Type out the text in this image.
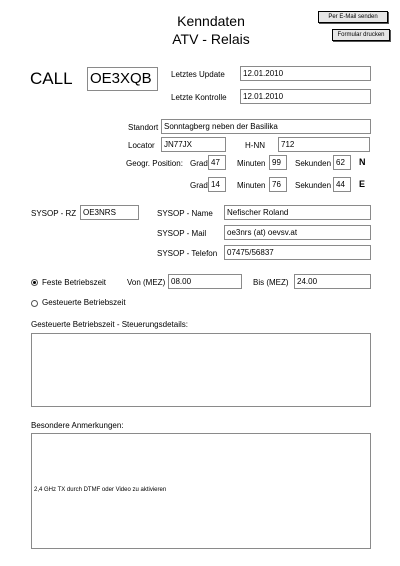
Kenndaten
ATV - Relais
Per E-Mail senden
Formular drucken
CALL OE3XQB	Letztes Update	12.01.2010
Letzte Kontrolle	12.01.2010
Standort Sonntagberg neben der Basilika
Locator	JN77JX	H-NN	712
Geogr. Position: Grad 47	Minuten 99	Sekunden 62	N
Grad 14	Minuten 76	Sekunden 44	E
SYSOP - RZ OE3NRS	SYSOP - Name	Nefischer Roland
SYSOP - Mail	oe3nrs (at) oevsv.at
SYSOP - Telefon	07475/56837
Feste Betriebszeit	Von (MEZ) 08.00	Bis (MEZ)	24.00
Gesteuerte Betriebszeit
Gesteuerte Betriebszeit - Steuerungsdetails:
Besondere Anmerkungen:
2,4 GHz TX durch DTMF oder Video zu aktivieren
